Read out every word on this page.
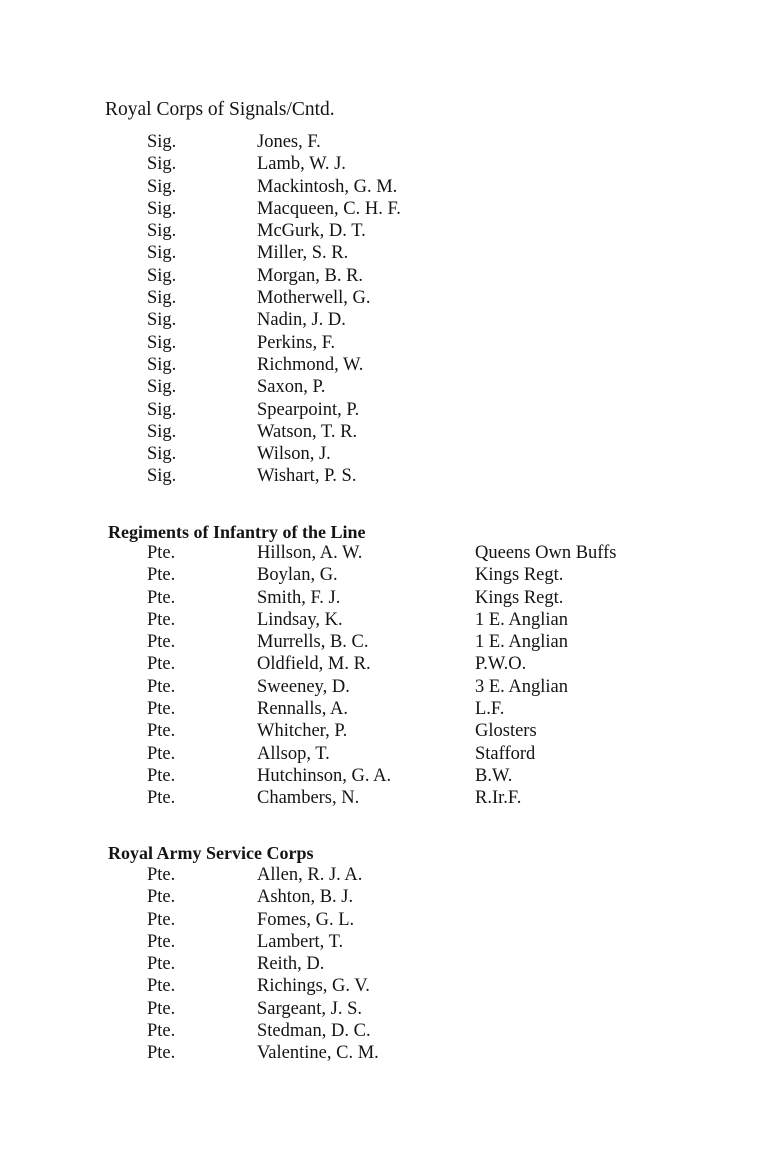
Royal Corps of Signals/Cntd.
Sig.	Jones, F.
Sig.	Lamb, W. J.
Sig.	Mackintosh, G. M.
Sig.	Macqueen, C. H. F.
Sig.	McGurk, D. T.
Sig.	Miller, S. R.
Sig.	Morgan, B. R.
Sig.	Motherwell, G.
Sig.	Nadin, J. D.
Sig.	Perkins, F.
Sig.	Richmond, W.
Sig.	Saxon, P.
Sig.	Spearpoint, P.
Sig.	Watson, T. R.
Sig.	Wilson, J.
Sig.	Wishart, P. S.
Regiments of Infantry of the Line
Pte.	Hillson, A. W.	Queens Own Buffs
Pte.	Boylan, G.	Kings Regt.
Pte.	Smith, F. J.	Kings Regt.
Pte.	Lindsay, K.	1 E. Anglian
Pte.	Murrells, B. C.	1 E. Anglian
Pte.	Oldfield, M. R.	P.W.O.
Pte.	Sweeney, D.	3 E. Anglian
Pte.	Rennalls, A.	L.F.
Pte.	Whitcher, P.	Glosters
Pte.	Allsop, T.	Stafford
Pte.	Hutchinson, G. A.	B.W.
Pte.	Chambers, N.	R.Ir.F.
Royal Army Service Corps
Pte.	Allen, R. J. A.
Pte.	Ashton, B. J.
Pte.	Fomes, G. L.
Pte.	Lambert, T.
Pte.	Reith, D.
Pte.	Richings, G. V.
Pte.	Sargeant, J. S.
Pte.	Stedman, D. C.
Pte.	Valentine, C. M.
